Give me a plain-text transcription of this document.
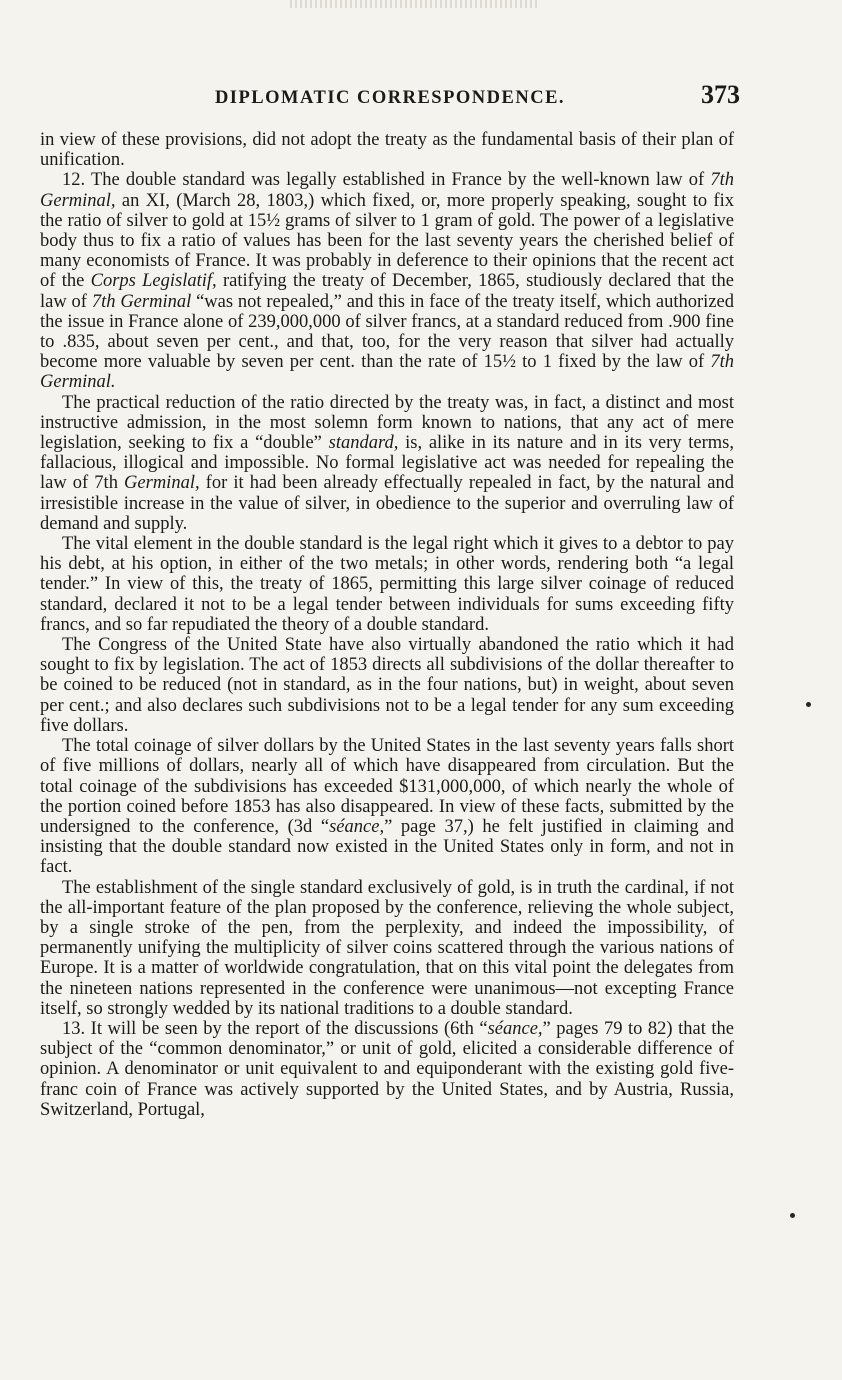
DIPLOMATIC CORRESPONDENCE.	373

in view of these provisions, did not adopt the treaty as the fundamental basis of their plan of unification.

12. The double standard was legally established in France by the well-known law of 7th Germinal, an XI, (March 28, 1803,) which fixed, or, more properly speaking, sought to fix the ratio of silver to gold at 15½ grams of silver to 1 gram of gold. The power of a legislative body thus to fix a ratio of values has been for the last seventy years the cherished belief of many economists of France. It was probably in deference to their opinions that the recent act of the Corps Legislatif, ratifying the treaty of December, 1865, studiously declared that the law of 7th Germinal “was not repealed,” and this in face of the treaty itself, which authorized the issue in France alone of 239,000,000 of silver francs, at a standard reduced from .900 fine to .835, about seven per cent., and that, too, for the very reason that silver had actually become more valuable by seven per cent. than the rate of 15½ to 1 fixed by the law of 7th Germinal.

The practical reduction of the ratio directed by the treaty was, in fact, a distinct and most instructive admission, in the most solemn form known to nations, that any act of mere legislation, seeking to fix a “double” standard, is, alike in its nature and in its very terms, fallacious, illogical and impossible. No formal legislative act was needed for repealing the law of 7th Germinal, for it had been already effectually repealed in fact, by the natural and irresistible increase in the value of silver, in obedience to the superior and overruling law of demand and supply.

The vital element in the double standard is the legal right which it gives to a debtor to pay his debt, at his option, in either of the two metals; in other words, rendering both “a legal tender.” In view of this, the treaty of 1865, permitting this large silver coinage of reduced standard, declared it not to be a legal tender between individuals for sums exceeding fifty francs, and so far repudiated the theory of a double standard.

The Congress of the United State have also virtually abandoned the ratio which it had sought to fix by legislation. The act of 1853 directs all subdivisions of the dollar thereafter to be coined to be reduced (not in standard, as in the four nations, but) in weight, about seven per cent.; and also declares such subdivisions not to be a legal tender for any sum exceeding five dollars.

The total coinage of silver dollars by the United States in the last seventy years falls short of five millions of dollars, nearly all of which have disappeared from circulation. But the total coinage of the subdivisions has exceeded $131,000,000, of which nearly the whole of the portion coined before 1853 has also disappeared. In view of these facts, submitted by the undersigned to the conference, (3d “séance,” page 37,) he felt justified in claiming and insisting that the double standard now existed in the United States only in form, and not in fact.

The establishment of the single standard exclusively of gold, is in truth the cardinal, if not the all-important feature of the plan proposed by the conference, relieving the whole subject, by a single stroke of the pen, from the perplexity, and indeed the impossibility, of permanently unifying the multiplicity of silver coins scattered through the various nations of Europe. It is a matter of worldwide congratulation, that on this vital point the delegates from the nineteen nations represented in the conference were unanimous—not excepting France itself, so strongly wedded by its national traditions to a double standard.

13. It will be seen by the report of the discussions (6th “séance,” pages 79 to 82) that the subject of the “common denominator,” or unit of gold, elicited a considerable difference of opinion. A denominator or unit equivalent to and equiponderant with the existing gold five-franc coin of France was actively supported by the United States, and by Austria, Russia, Switzerland, Portugal,
